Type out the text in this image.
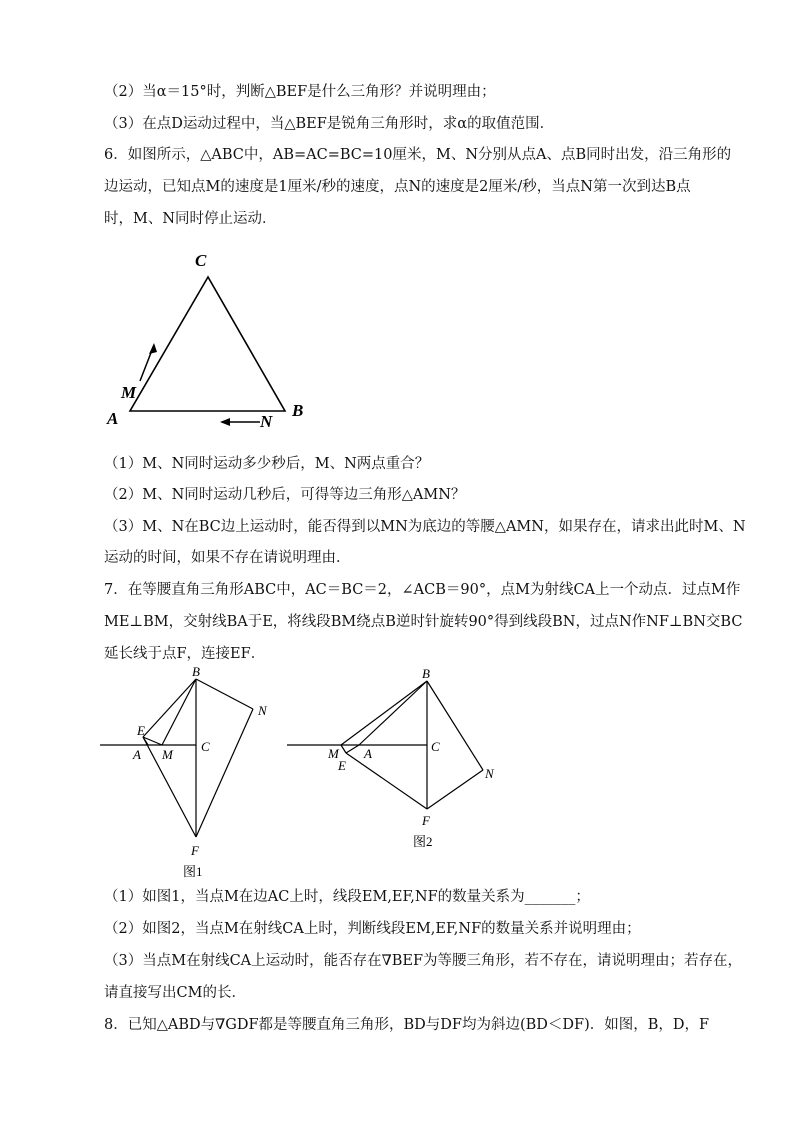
（2）当α＝15°时，判断△BEF是什么三角形？并说明理由；
（3）在点D运动过程中，当△BEF是锐角三角形时，求α的取值范围．
6．如图所示，△ABC中，AB=AC=BC=10厘米，M、N分别从点A、点B同时出发，沿三角形的
边运动，已知点M的速度是1厘米/秒的速度，点N的速度是2厘米/秒，当点N第一次到达B点
时，M、N同时停止运动．
C
A	B
M
N
（1）M、N同时运动多少秒后，M、N两点重合？
（2）M、N同时运动几秒后，可得等边三角形△AMN？
（3）M、N在BC边上运动时，能否得到以MN为底边的等腰△AMN，如果存在，请求出此时M、N
运动的时间，如果不存在请说明理由．
7．在等腰直角三角形ABC中，AC＝BC＝2，∠ACB＝90°，点M为射线CA上一个动点．过点M作
ME⊥BM，交射线BA于E，将线段BM绕点B逆时针旋转90°得到线段BN，过点N作NF⊥BN交BC
延长线于点F，连接EF．
B
N
E
A M
C
F
图1
B
N
M A
E
C
F
图2
（1）如图1，当点M在边AC上时，线段EM,EF,NF的数量关系为_______；
（2）如图2，当点M在射线CA上时，判断线段EM,EF,NF的数量关系并说明理由；
（3）当点M在射线CA上运动时，能否存在∇BEF为等腰三角形，若不存在，请说明理由；若存在，
请直接写出CM的长．
8．已知△ABD与∇GDF都是等腰直角三角形，BD与DF均为斜边(BD＜DF)．如图，B，D，F
